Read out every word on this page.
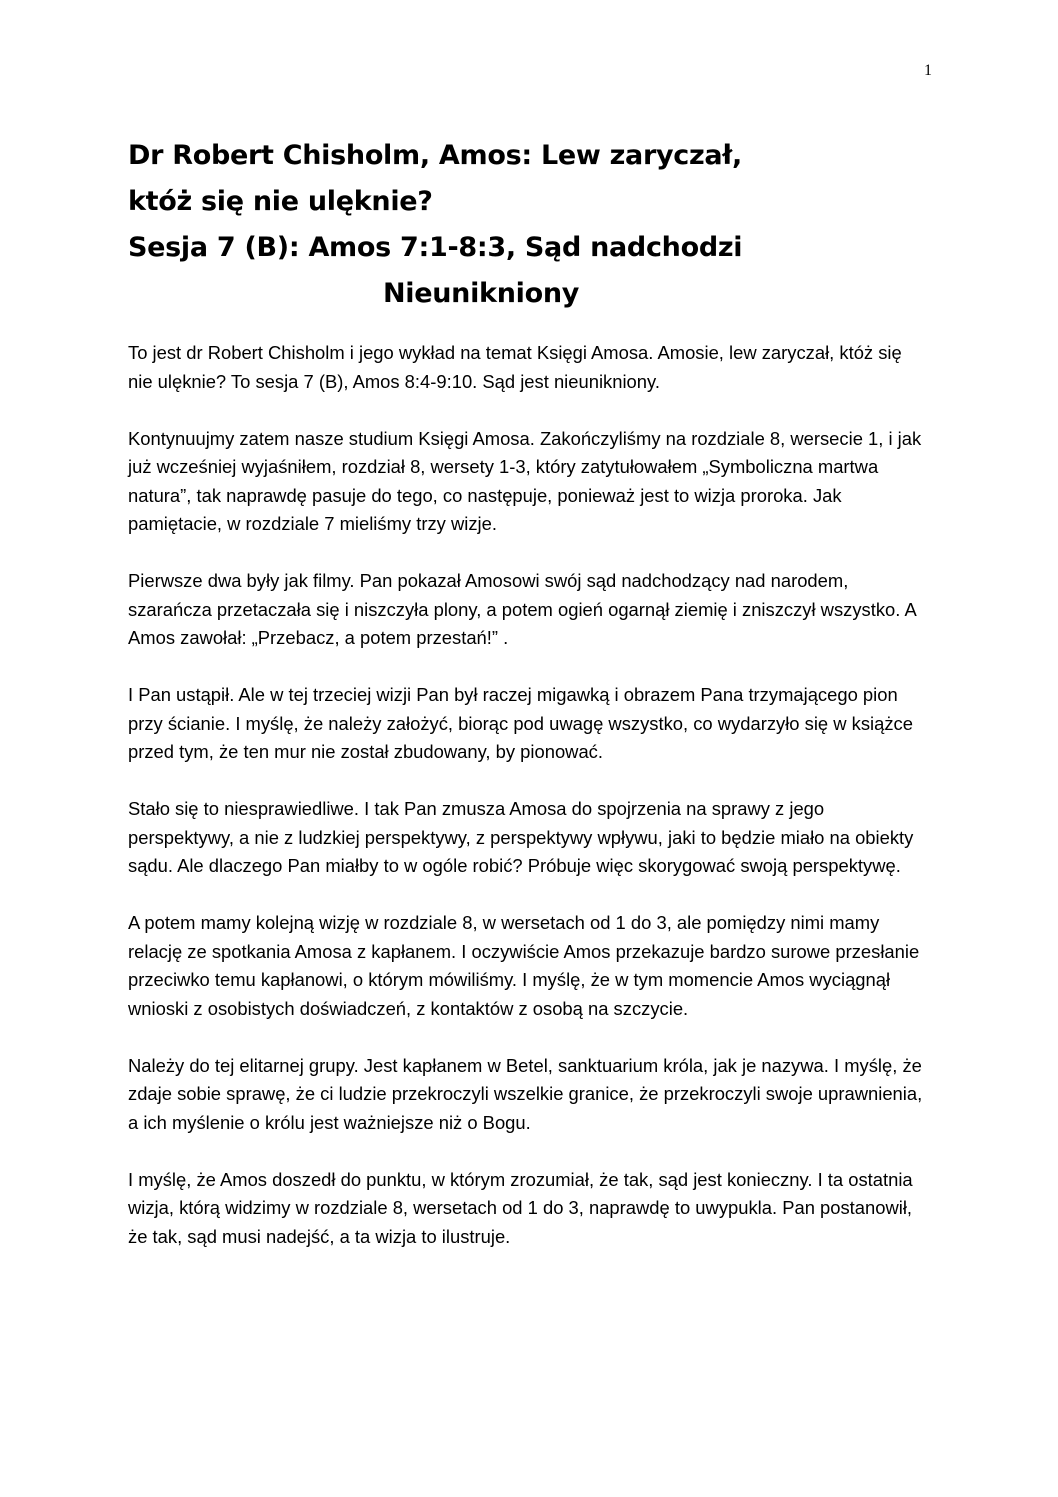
1
Dr Robert Chisholm, Amos: Lew zaryczał,
któż się nie ulęknie?
Sesja 7 (B): Amos 7:1-8:3, Sąd nadchodzi
Nieunikniony

To jest dr Robert Chisholm i jego wykład na temat Księgi Amosa. Amosie, lew zaryczał, któż się nie ulęknie? To sesja 7 (B), Amos 8:4-9:10. Sąd jest nieunikniony.

Kontynuujmy zatem nasze studium Księgi Amosa. Zakończyliśmy na rozdziale 8, wersecie 1, i jak już wcześniej wyjaśniłem, rozdział 8, wersety 1-3, który zatytułowałem „Symboliczna martwa natura”, tak naprawdę pasuje do tego, co następuje, ponieważ jest to wizja proroka. Jak pamiętacie, w rozdziale 7 mieliśmy trzy wizje.

Pierwsze dwa były jak filmy. Pan pokazał Amosowi swój sąd nadchodzący nad narodem, szarańcza przetaczała się i niszczyła plony, a potem ogień ogarnął ziemię i zniszczył wszystko. A Amos zawołał: „Przebacz, a potem przestań!” .

I Pan ustąpił. Ale w tej trzeciej wizji Pan był raczej migawką i obrazem Pana trzymającego pion przy ścianie. I myślę, że należy założyć, biorąc pod uwagę wszystko, co wydarzyło się w książce przed tym, że ten mur nie został zbudowany, by pionować.

Stało się to niesprawiedliwe. I tak Pan zmusza Amosa do spojrzenia na sprawy z jego perspektywy, a nie z ludzkiej perspektywy, z perspektywy wpływu, jaki to będzie miało na obiekty sądu. Ale dlaczego Pan miałby to w ogóle robić? Próbuje więc skorygować swoją perspektywę.

A potem mamy kolejną wizję w rozdziale 8, w wersetach od 1 do 3, ale pomiędzy nimi mamy relację ze spotkania Amosa z kapłanem. I oczywiście Amos przekazuje bardzo surowe przesłanie przeciwko temu kapłanowi, o którym mówiliśmy. I myślę, że w tym momencie Amos wyciągnął wnioski z osobistych doświadczeń, z kontaktów z osobą na szczycie.

Należy do tej elitarnej grupy. Jest kapłanem w Betel, sanktuarium króla, jak je nazywa. I myślę, że zdaje sobie sprawę, że ci ludzie przekroczyli wszelkie granice, że przekroczyli swoje uprawnienia, a ich myślenie o królu jest ważniejsze niż o Bogu.

I myślę, że Amos doszedł do punktu, w którym zrozumiał, że tak, sąd jest konieczny. I ta ostatnia wizja, którą widzimy w rozdziale 8, wersetach od 1 do 3, naprawdę to uwypukla. Pan postanowił, że tak, sąd musi nadejść, a ta wizja to ilustruje.
